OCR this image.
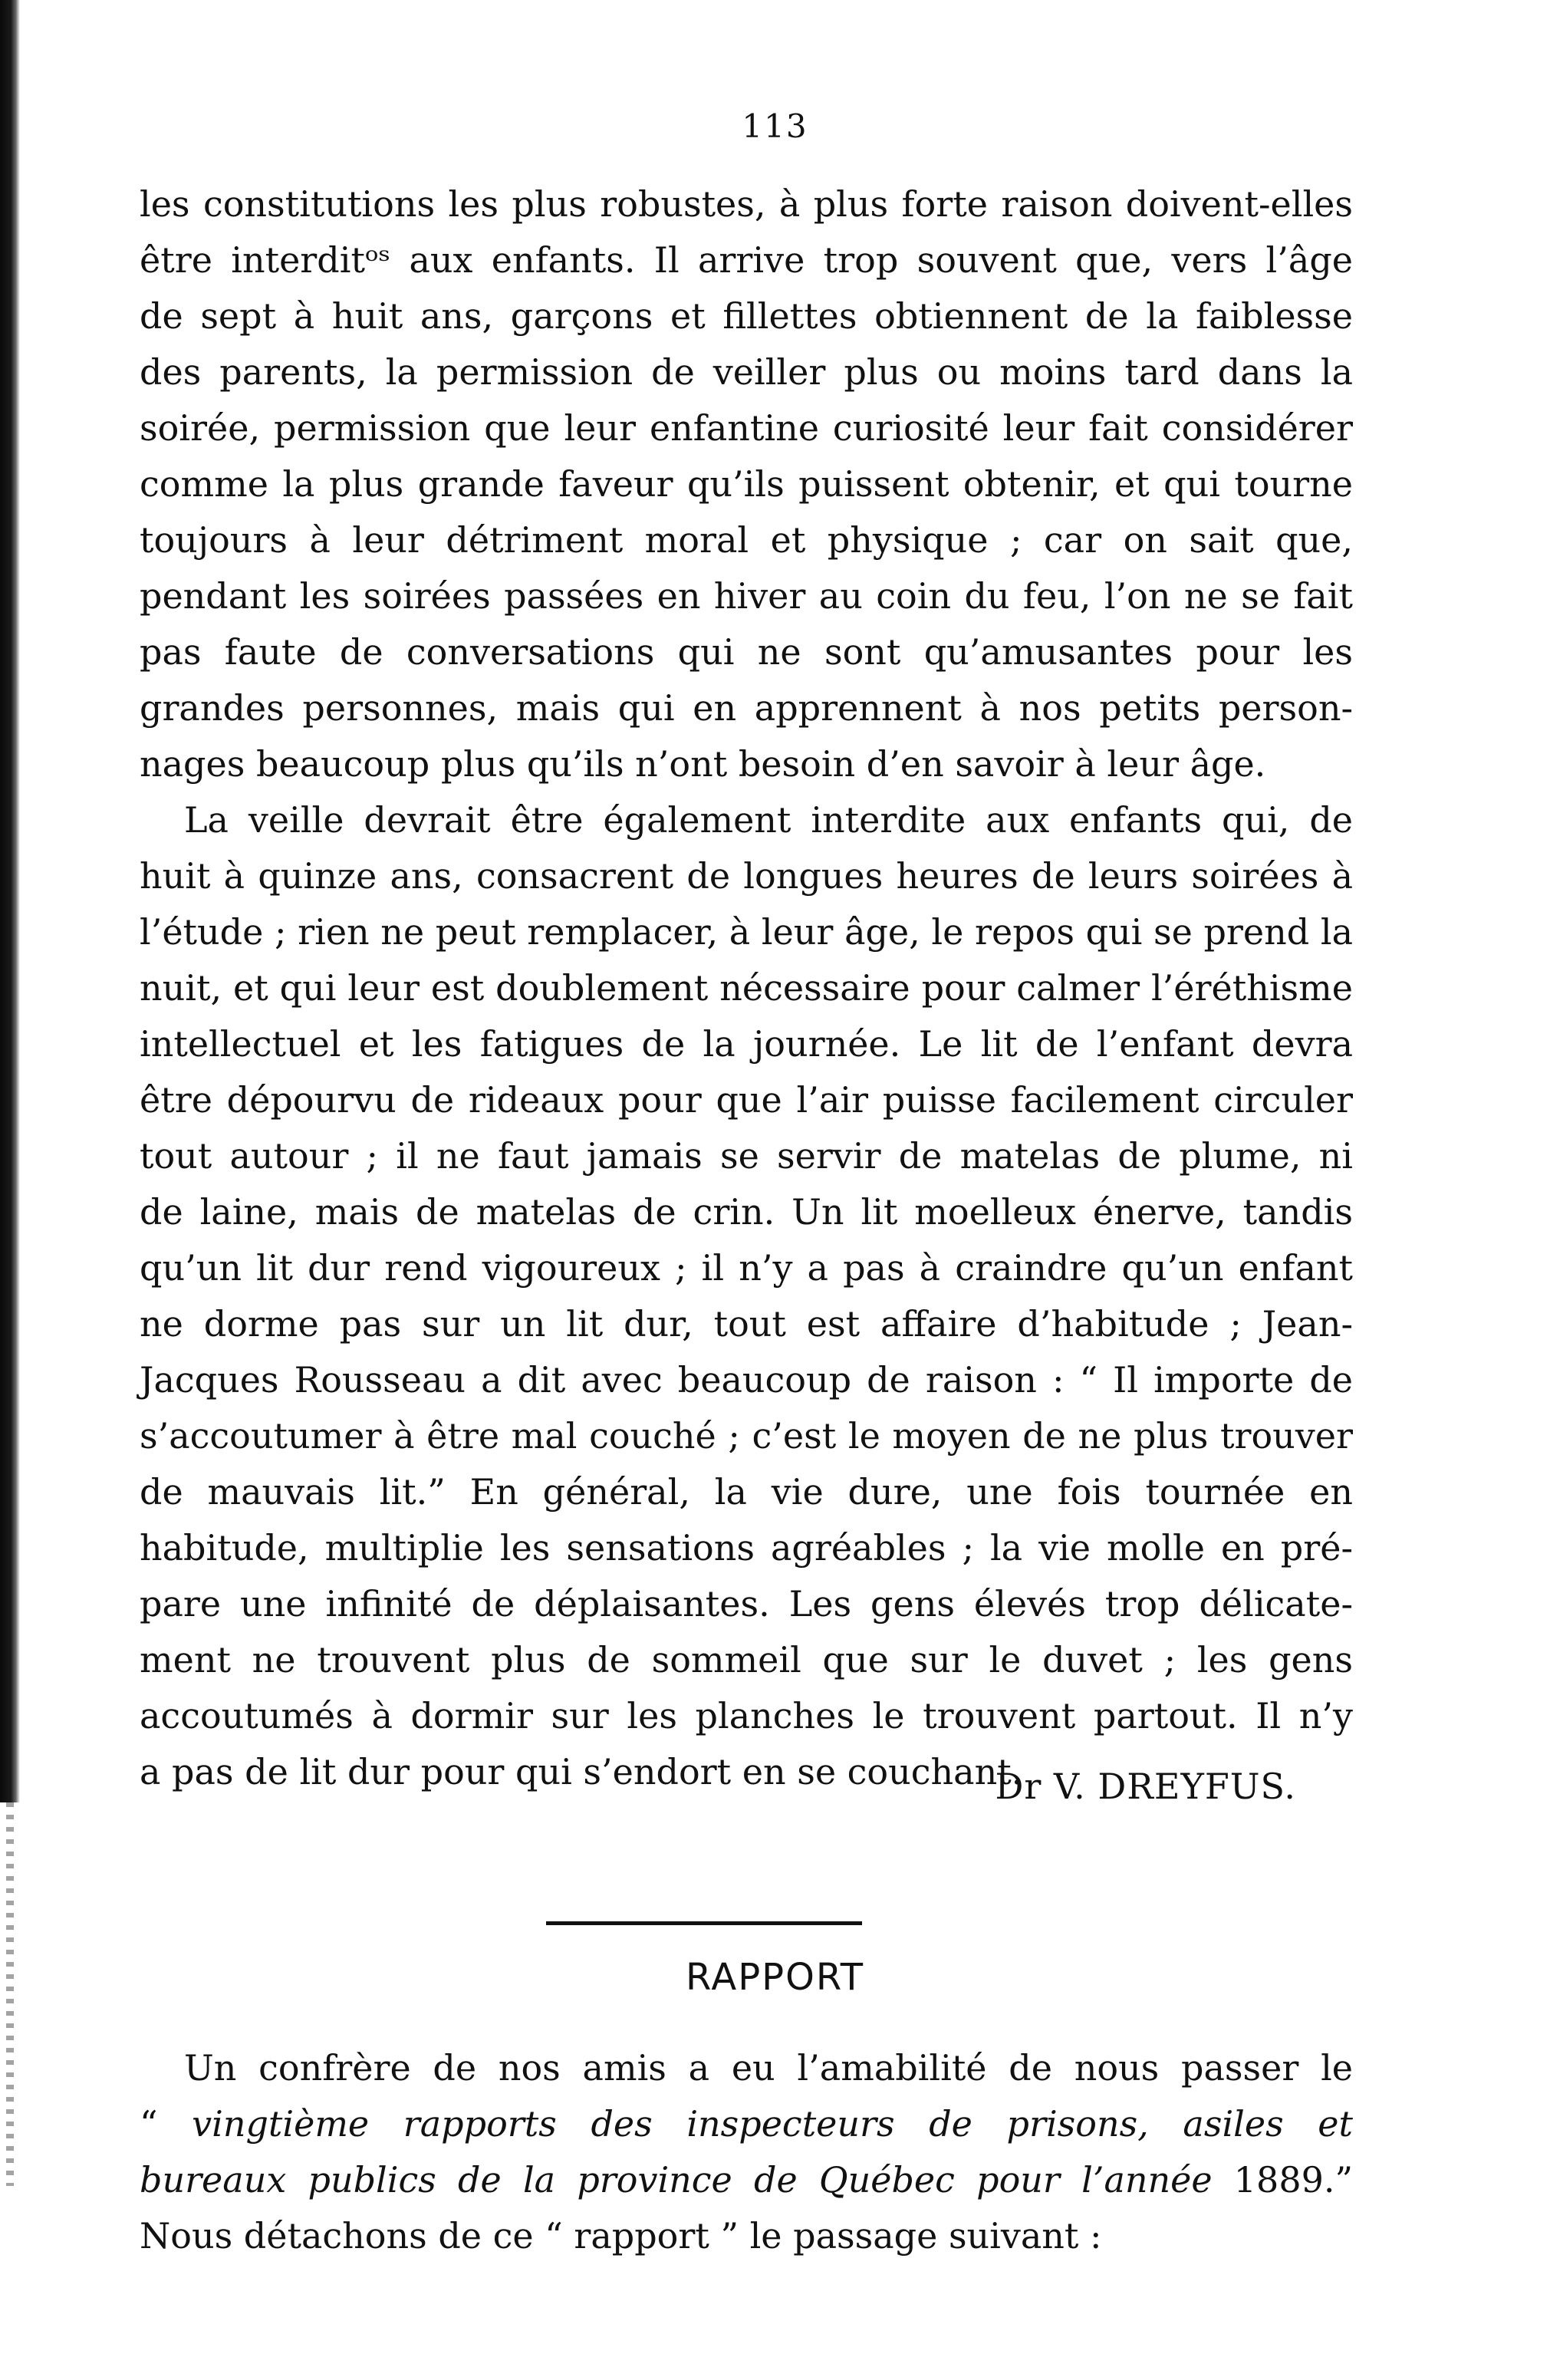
113
les constitutions les plus robustes, à plus forte raison doivent-elles
être interditᵒˢ aux enfants. Il arrive trop souvent que, vers l’âge
de sept à huit ans, garçons et fillettes obtiennent de la faiblesse
des parents, la permission de veiller plus ou moins tard dans la
soirée, permission que leur enfantine curiosité leur fait considérer
comme la plus grande faveur qu’ils puissent obtenir, et qui tourne
toujours à leur détriment moral et physique ; car on sait que,
pendant les soirées passées en hiver au coin du feu, l’on ne se fait
pas faute de conversations qui ne sont qu’amusantes pour les
grandes personnes, mais qui en apprennent à nos petits person-
nages beaucoup plus qu’ils n’ont besoin d’en savoir à leur âge.
La veille devrait être également interdite aux enfants qui, de
huit à quinze ans, consacrent de longues heures de leurs soirées à
l’étude ; rien ne peut remplacer, à leur âge, le repos qui se prend la
nuit, et qui leur est doublement nécessaire pour calmer l’éréthisme
intellectuel et les fatigues de la journée. Le lit de l’enfant devra
être dépourvu de rideaux pour que l’air puisse facilement circuler
tout autour ; il ne faut jamais se servir de matelas de plume, ni
de laine, mais de matelas de crin. Un lit moelleux énerve, tandis
qu’un lit dur rend vigoureux ; il n’y a pas à craindre qu’un enfant
ne dorme pas sur un lit dur, tout est affaire d’habitude ; Jean-
Jacques Rousseau a dit avec beaucoup de raison : “ Il importe de
s’accoutumer à être mal couché ; c’est le moyen de ne plus trouver
de mauvais lit.” En général, la vie dure, une fois tournée en
habitude, multiplie les sensations agréables ; la vie molle en pré-
pare une infinité de déplaisantes. Les gens élevés trop délicate-
ment ne trouvent plus de sommeil que sur le duvet ; les gens
accoutumés à dormir sur les planches le trouvent partout. Il n’y
a pas de lit dur pour qui s’endort en se couchant.
Dr V. DREYFUS.
RAPPORT
Un confrère de nos amis a eu l’amabilité de nous passer le
“ vingtième rapports des inspecteurs de prisons, asiles et
bureaux publics de la province de Québec pour l’année 1889.”
Nous détachons de ce “ rapport ” le passage suivant :
